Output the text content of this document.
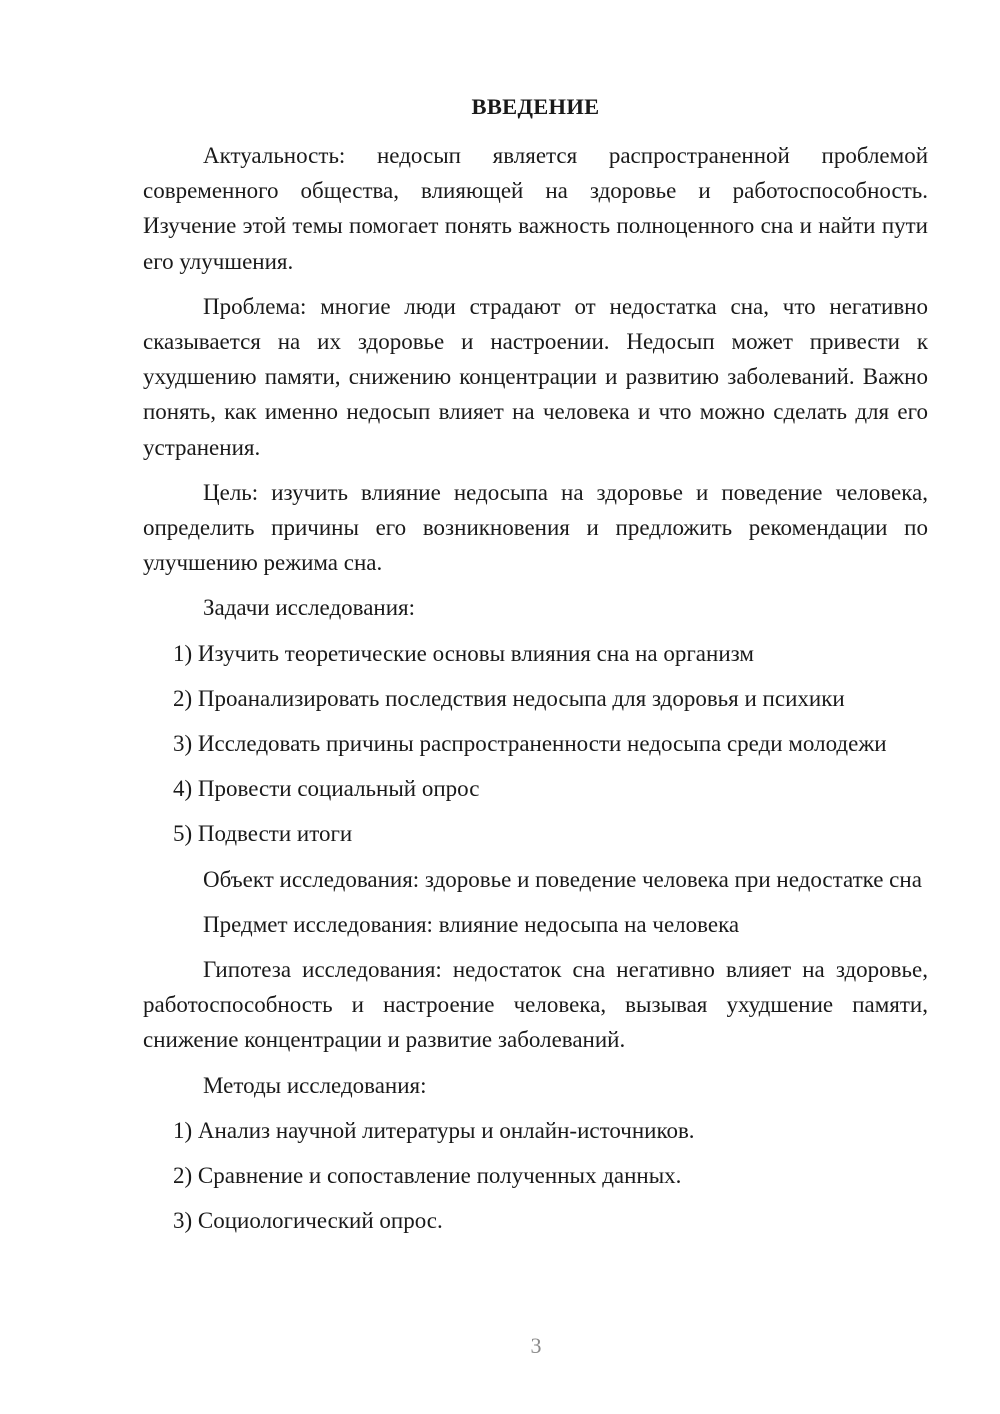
ВВЕДЕНИЕ

Актуальность: недосып является распространенной проблемой современного общества, влияющей на здоровье и работоспособность. Изучение этой темы помогает понять важность полноценного сна и найти пути его улучшения.

Проблема: многие люди страдают от недостатка сна, что негативно сказывается на их здоровье и настроении. Недосып может привести к ухудшению памяти, снижению концентрации и развитию заболеваний. Важно понять, как именно недосып влияет на человека и что можно сделать для его устранения.

Цель: изучить влияние недосыпа на здоровье и поведение человека, определить причины его возникновения и предложить рекомендации по улучшению режима сна.

Задачи исследования:

1) Изучить теоретические основы влияния сна на организм

2) Проанализировать последствия недосыпа для здоровья и психики

3) Исследовать причины распространенности недосыпа среди молодежи

4) Провести социальный опрос

5) Подвести итоги

Объект исследования: здоровье и поведение человека при недостатке сна

Предмет исследования: влияние недосыпа на человека

Гипотеза исследования: недостаток сна негативно влияет на здоровье, работоспособность и настроение человека, вызывая ухудшение памяти, снижение концентрации и развитие заболеваний.

Методы исследования:

1) Анализ научной литературы и онлайн-источников.

2) Сравнение и сопоставление полученных данных.

3) Социологический опрос.

3
